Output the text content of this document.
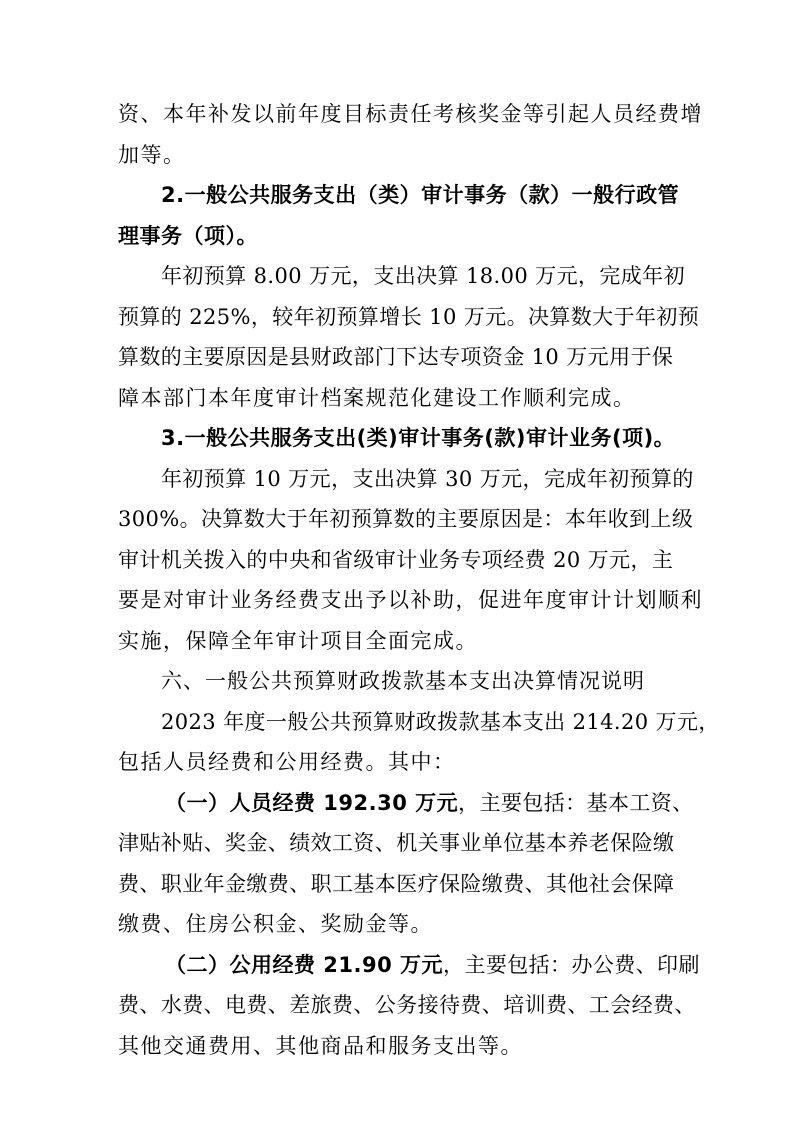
资、本年补发以前年度目标责任考核奖金等引起人员经费增
加等。
2.一般公共服务支出（类）审计事务（款）一般行政管
理事务（项）。
年初预算 8.00 万元，支出决算 18.00 万元，完成年初
预算的 225%，较年初预算增长 10 万元。决算数大于年初预
算数的主要原因是县财政部门下达专项资金 10 万元用于保
障本部门本年度审计档案规范化建设工作顺利完成。
3.一般公共服务支出(类)审计事务(款)审计业务(项)。
年初预算 10 万元，支出决算 30 万元，完成年初预算的
300%。决算数大于年初预算数的主要原因是：本年收到上级
审计机关拨入的中央和省级审计业务专项经费 20 万元，主
要是对审计业务经费支出予以补助，促进年度审计计划顺利
实施，保障全年审计项目全面完成。
六、一般公共预算财政拨款基本支出决算情况说明
2023 年度一般公共预算财政拨款基本支出 214.20 万元，
包括人员经费和公用经费。其中：
（一）人员经费 192.30 万元，主要包括：基本工资、
津贴补贴、奖金、绩效工资、机关事业单位基本养老保险缴
费、职业年金缴费、职工基本医疗保险缴费、其他社会保障
缴费、住房公积金、奖励金等。
（二）公用经费 21.90 万元，主要包括：办公费、印刷
费、水费、电费、差旅费、公务接待费、培训费、工会经费、
其他交通费用、其他商品和服务支出等。
